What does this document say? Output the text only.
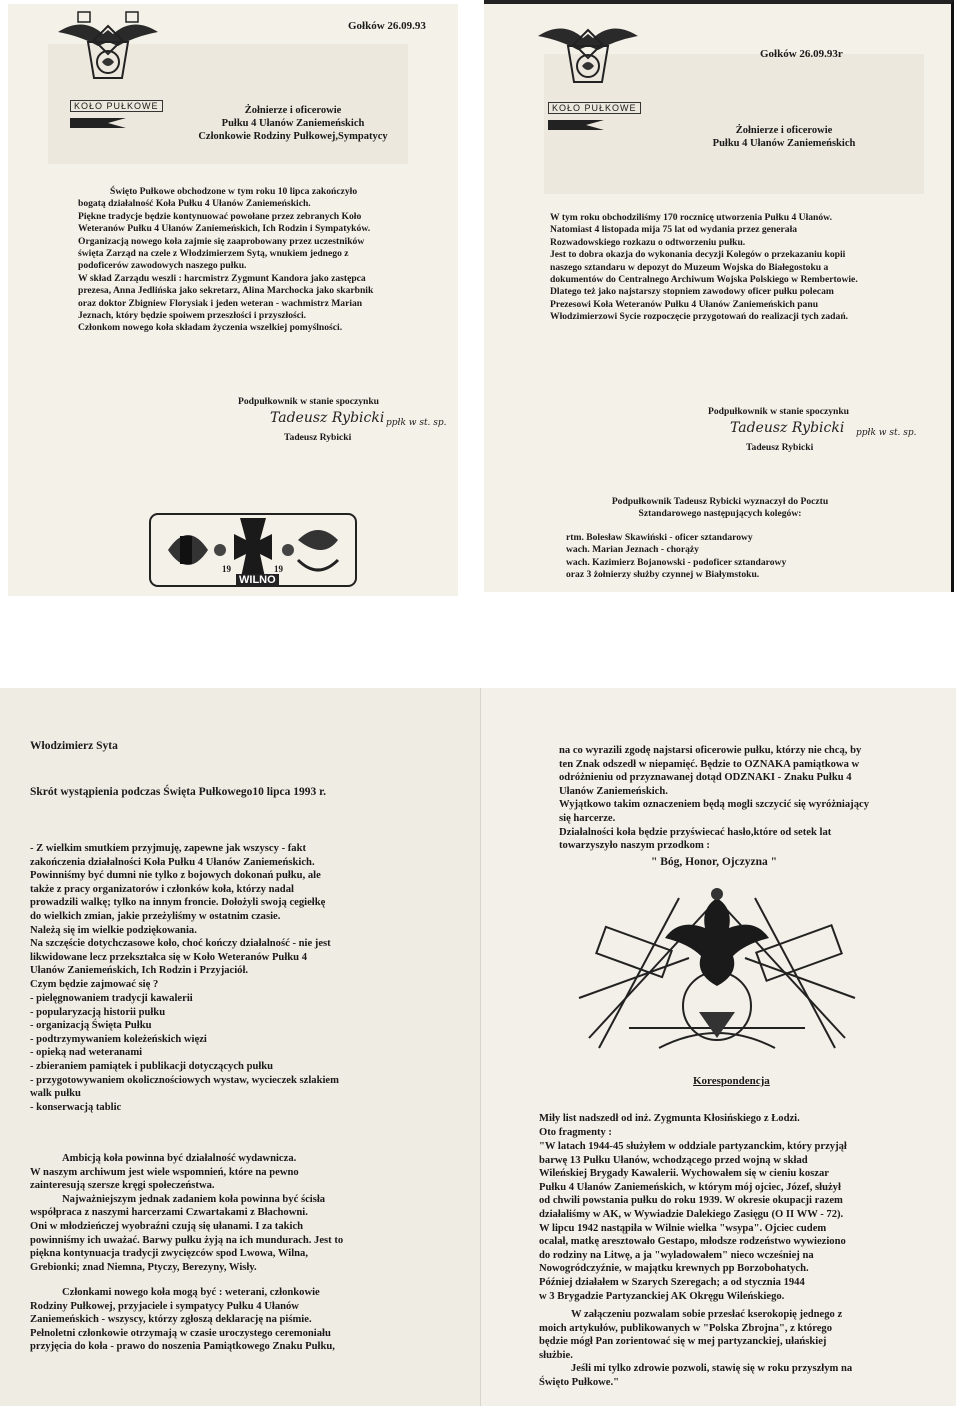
KOŁO PUŁKOWE
Gołków 26.09.93
Żołnierze i oficerowie
Pułku 4 Ułanów Zaniemeńskich
Członkowie Rodziny Pułkowej,Sympatycy

Święto Pułkowe obchodzone w tym roku 10 lipca zakończyło bogatą działalność Koła Pułku 4 Ułanów Zaniemeńskich.

Piękne tradycje będzie kontynuować powołane przez zebranych Koło Weteranów Pułku 4 Ułanów Zaniemeńskich, Ich Rodzin i Sympatyków.

Organizacją nowego koła zajmie się zaaprobowany przez uczestników święta Zarząd na czele z Włodzimierzem Sytą, wnukiem jednego z podoficerów zawodowych naszego pułku.

W skład Zarządu weszli : harcmistrz Zygmunt Kandora jako zastępca prezesa, Anna Jedlińska jako sekretarz, Alina Marchocka jako skarbnik oraz doktor Zbigniew Florysiak i jeden weteran - wachmistrz Marian Jeznach, który będzie spoiwem przeszłości i przyszłości.

Członkom nowego koła składam życzenia wszelkiej pomyślności.

Podpułkownik w stanie spoczynku
Tadeusz Rybicki ppłk w st. sp.
Tadeusz Rybicki
WILNO
19	19
KOŁO PUŁKOWE
Gołków 26.09.93r
Żołnierze i oficerowie
Pułku 4 Ułanów Zaniemeńskich

W tym roku obchodziliśmy 170 rocznicę utworzenia Pułku 4 Ułanów.

Natomiast 4 listopada mija 75 lat od wydania przez generała Rozwadowskiego rozkazu o odtworzeniu pułku.

Jest to dobra okazja do wykonania decyzji Kolegów o przekazaniu kopii naszego sztandaru w depozyt do Muzeum Wojska do Białegostoku a dokumentów do Centralnego Archiwum Wojska Polskiego w Rembertowie.

Dlatego też jako najstarszy stopniem zawodowy oficer pułku polecam Prezesowi Koła Weteranów Pułku 4 Ułanów Zaniemeńskich panu Włodzimierzowi Sycie rozpoczęcie przygotowań do realizacji tych zadań.

Podpułkownik w stanie spoczynku
Tadeusz Rybicki ppłk w st. sp.
Tadeusz Rybicki
Podpułkownik Tadeusz Rybicki wyznaczył do Pocztu
Sztandarowego następujących kolegów:
rtm. Bolesław Skawiński - oficer sztandarowy
wach. Marian Jeznach - chorąży
wach. Kazimierz Bojanowski - podoficer sztandarowy
oraz 3 żołnierzy służby czynnej w Białymstoku.
Włodzimierz Syta
Skrót wystąpienia podczas Święta Pułkowego10 lipca 1993 r.

- Z wielkim smutkiem przyjmuję, zapewne jak wszyscy - fakt

zakończenia działalności Koła Pułku 4 Ułanów Zaniemeńskich.

Powinniśmy być dumni nie tylko z bojowych dokonań pułku, ale

także z pracy organizatorów i członków koła, którzy nadal

prowadzili walkę; tylko na innym froncie. Dołożyli swoją cegiełkę

do wielkich zmian, jakie przeżyliśmy w ostatnim czasie.

Należą się im wielkie podziękowania.

Na szczęście dotychczasowe koło, choć kończy działalność - nie jest

likwidowane lecz przekształca się w Koło Weteranów Pułku 4

Ułanów Zaniemeńskich, Ich Rodzin i Przyjaciół.

Czym będzie zajmować się ?

- pielęgnowaniem tradycji kawalerii

- popularyzacją historii pułku

- organizacją Święta Pułku

- podtrzymywaniem koleżeńskich więzi

- opieką nad weteranami

- zbieraniem pamiątek i publikacji dotyczących pułku

- przygotowywaniem okolicznościowych wystaw, wycieczek szlakiem

walk pułku

- konserwacją tablic

Ambicją koła powinna być działalność wydawnicza.

W naszym archiwum jest wiele wspomnień, które na pewno

zainteresują szersze kręgi społeczeństwa.

Najważniejszym jednak zadaniem koła powinna być ścisła

współpraca z naszymi harcerzami Czwartakami z Błachowni.

Oni w młodzieńczej wyobraźni czują się ułanami. I za takich

powinniśmy ich uważać. Barwy pułku żyją na ich mundurach. Jest to

piękna kontynuacja tradycji zwycięzców spod Lwowa, Wilna,

Grebionki; znad Niemna, Ptyczy, Berezyny, Wisły.

Członkami nowego koła mogą być : weterani, członkowie

Rodziny Pułkowej, przyjaciele i sympatycy Pułku 4 Ułanów

Zaniemeńskich - wszyscy, którzy zgłoszą deklarację na piśmie.

Pełnoletni członkowie otrzymają w czasie uroczystego ceremoniału

przyjęcia do koła - prawo do noszenia Pamiątkowego Znaku Pułku,

na co wyrazili zgodę najstarsi oficerowie pułku, którzy nie chcą, by

ten Znak odszedł w niepamięć. Będzie to OZNAKA pamiątkowa w

odróżnieniu od przyznawanej dotąd ODZNAKI - Znaku Pułku 4

Ułanów Zaniemeńskich.

Wyjątkowo takim oznaczeniem będą mogli szczycić się wyróżniający

się harcerze.

Działalności koła będzie przyświecać hasło,które od setek lat

towarzyszyło naszym przodkom :

" Bóg, Honor, Ojczyzna "
Korespondencja

Miły list nadszedł od inż. Zygmunta Kłosińskiego z Łodzi.

Oto fragmenty :

"W latach 1944-45 służyłem w oddziale partyzanckim, który przyjął

barwę 13 Pułku Ułanów, wchodzącego przed wojną w skład

Wileńskiej Brygady Kawalerii. Wychowałem się w cieniu koszar

Pułku 4 Ułanów Zaniemeńskich, w którym mój ojciec, Józef, służył

od chwili powstania pułku do roku 1939. W okresie okupacji razem

działaliśmy w AK, w Wywiadzie Dalekiego Zasięgu (O II WW - 72).

W lipcu 1942 nastąpiła w Wilnie wielka "wsypa". Ojciec cudem

ocalał, matkę aresztowało Gestapo, młodsze rodzeństwo wywieziono

do rodziny na Litwę, a ja "wyladowałem" nieco wcześniej na

Nowogródczyźnie, w majątku krewnych pp Borzobohatych.

Później działałem w Szarych Szeregach; a od stycznia 1944

w 3 Brygadzie Partyzanckiej AK Okręgu Wileńskiego.

W załączeniu pozwalam sobie przesłać kserokopię jednego z

moich artykułów, publikowanych w "Polska Zbrojna", z którego

będzie mógł Pan zorientować się w mej partyzanckiej, ułańskiej

służbie.

Jeśli mi tylko zdrowie pozwoli, stawię się w roku przyszłym na

Święto Pułkowe."
